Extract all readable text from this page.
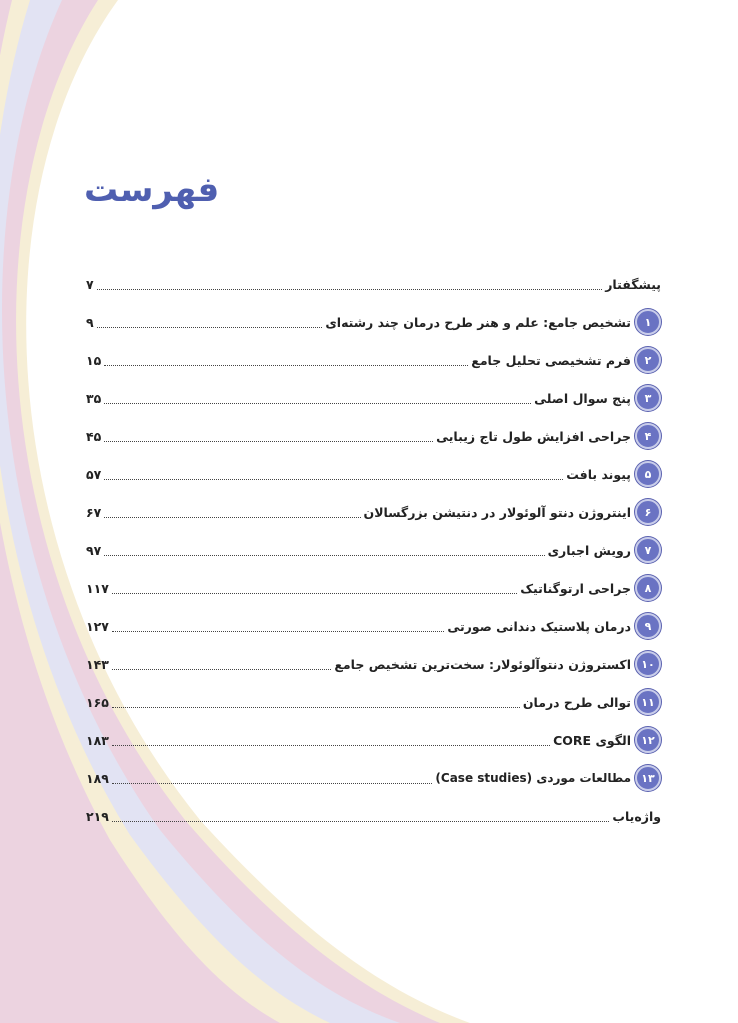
فهرست
پیشگفتار
۷
۱
تشخیص جامع: علم و هنر طرح درمان چند رشته‌ای
۹
۲
فرم تشخیصی تحلیل جامع
۱۵
۳
پنج سوال اصلی
۳۵
۴
جراحی افزایش طول تاج زیبایی
۴۵
۵
پیوند بافت
۵۷
۶
اینتروژن دنتو آلوئولار در دنتیشن بزرگسالان
۶۷
۷
رویش اجباری
۹۷
۸
جراحی ارتوگناتیک
۱۱۷
۹
درمان پلاستیک دندانی صورتی
۱۲۷
۱۰
اکستروژن دنتوآلوئولار: سخت‌ترین تشخیص جامع
۱۴۳
۱۱
توالی طرح درمان
۱۶۵
۱۲
الگوی CORE
۱۸۳
۱۳
مطالعات موردی (Case studies)
۱۸۹
واژه‌یاب
۲۱۹
